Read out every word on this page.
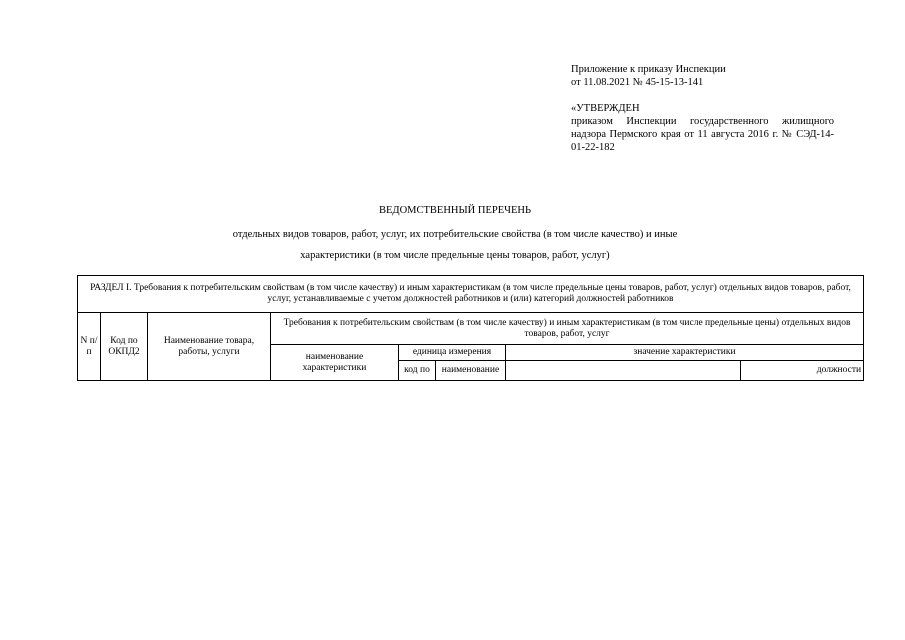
Приложение к приказу Инспекции
от 11.08.2021 № 45-15-13-141
«УТВЕРЖДЕН
приказом Инспекции государственного жилищного надзора Пермского края от 11 августа 2016 г. № СЭД-14-01-22-182
ВЕДОМСТВЕННЫЙ ПЕРЕЧЕНЬ
отдельных видов товаров, работ, услуг, их потребительские свойства (в том числе качество) и иные
характеристики (в том числе предельные цены товаров, работ, услуг)
РАЗДЕЛ I. Требования к потребительским свойствам (в том числе качеству) и иным характеристикам (в том числе предельные цены товаров, работ, услуг) отдельных видов товаров, работ, услуг, устанавливаемые с учетом должностей работников и (или) категорий должностей работников							
N п/п	Код по ОКПД2	Наименование товара, работы, услуги	Требования к потребительским свойствам (в том числе качеству) и иным характеристикам (в том числе предельные цены) отдельных видов товаров, работ, услуг				
			наименование характеристики	единица измерения		значение характеристики	
				код по	наименование		должности
